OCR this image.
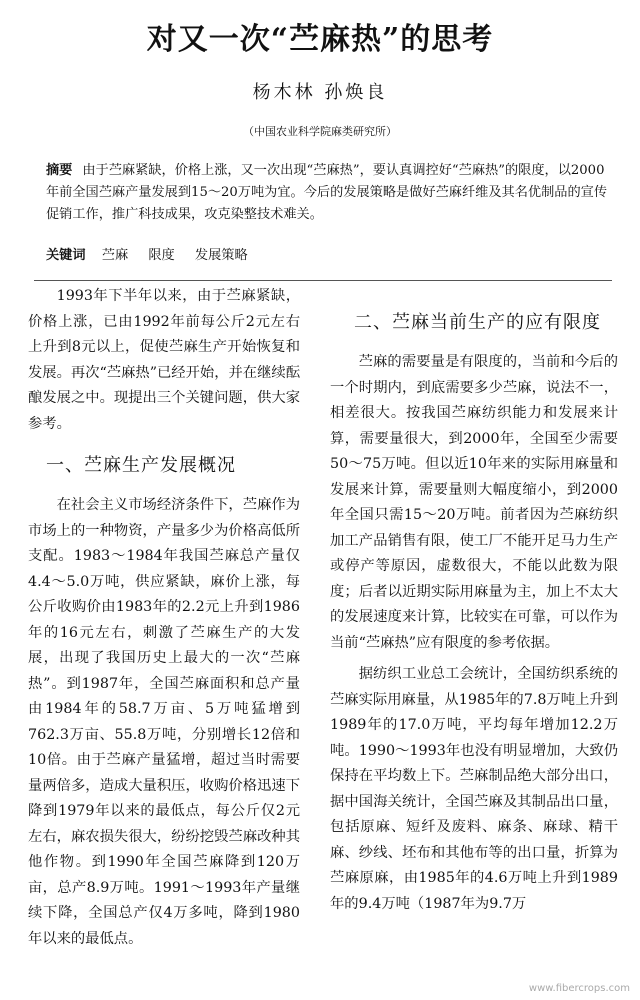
对又一次“苎麻热”的思考
杨木林 孙焕良
（中国农业科学院麻类研究所）
摘要 由于苎麻紧缺，价格上涨，又一次出现“苎麻热”，要认真调控好“苎麻热”的限度，以2000年前全国苎麻产量发展到15～20万吨为宜。今后的发展策略是做好苎麻纤维及其名优制品的宣传促销工作，推广科技成果，攻克染整技术难关。
关键词 苎麻 限度 发展策略

1993年下半年以来，由于苎麻紧缺，价格上涨，已由1992年前每公斤2元左右上升到8元以上，促使苎麻生产开始恢复和发展。再次“苎麻热”已经开始，并在继续酝酿发展之中。现提出三个关键问题，供大家参考。

一、苎麻生产发展概况

在社会主义市场经济条件下，苎麻作为市场上的一种物资，产量多少为价格高低所支配。1983～1984年我国苎麻总产量仅4.4～5.0万吨，供应紧缺，麻价上涨，每公斤收购价由1983年的2.2元上升到1986年的16元左右，刺激了苎麻生产的大发展，出现了我国历史上最大的一次“苎麻热”。到1987年，全国苎麻面积和总产量由1984年的58.7万亩、5万吨猛增到762.3万亩、55.8万吨，分别增长12倍和10倍。由于苎麻产量猛增，超过当时需要量两倍多，造成大量积压，收购价格迅速下降到1979年以来的最低点，每公斤仅2元左右，麻农损失很大，纷纷挖毁苎麻改种其他作物。到1990年全国苎麻降到120万亩，总产8.9万吨。1991～1993年产量继续下降，全国总产仅4万多吨，降到1980年以来的最低点。

二、苎麻当前生产的应有限度

苎麻的需要量是有限度的，当前和今后的一个时期内，到底需要多少苎麻，说法不一，相差很大。按我国苎麻纺织能力和发展来计算，需要量很大，到2000年，全国至少需要50～75万吨。但以近10年来的实际用麻量和发展来计算，需要量则大幅度缩小，到2000年全国只需15～20万吨。前者因为苎麻纺织加工产品销售有限，使工厂不能开足马力生产或停产等原因，虚数很大，不能以此数为限度；后者以近期实际用麻量为主，加上不太大的发展速度来计算，比较实在可靠，可以作为当前“苎麻热”应有限度的参考依据。

据纺织工业总工会统计，全国纺织系统的苎麻实际用麻量，从1985年的7.8万吨上升到1989年的17.0万吨，平均每年增加12.2万吨。1990～1993年也没有明显增加，大致仍保持在平均数上下。苎麻制品绝大部分出口，据中国海关统计，全国苎麻及其制品出口量，包括原麻、短纤及废料、麻条、麻球、精干麻、纱线、坯布和其他布等的出口量，折算为苎麻原麻，由1985年的4.6万吨上升到1989年的9.4万吨（1987年为9.7万

www.fibercrops.com
